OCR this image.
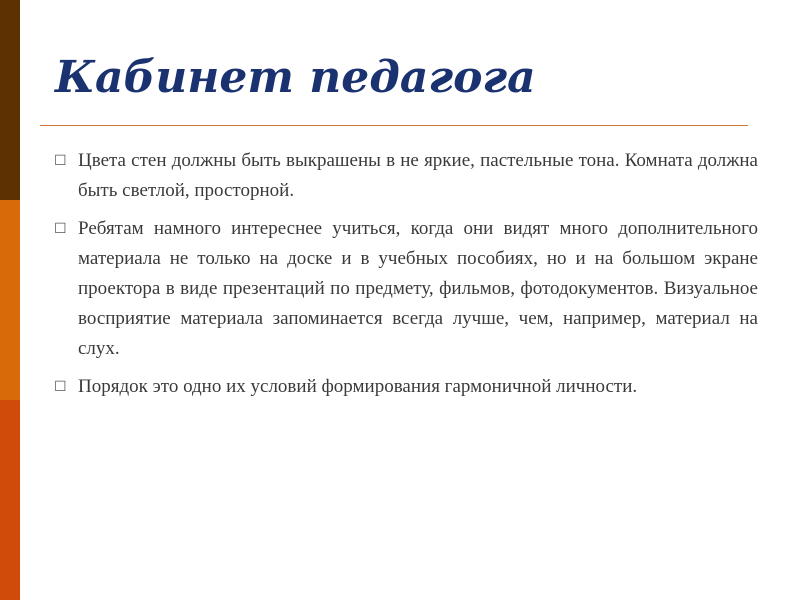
Кабинет педагога
☐ Цвета стен должны быть выкрашены в не яркие, пастельные тона. Комната должна быть светлой, просторной.
☐ Ребятам намного интереснее учиться, когда они видят много дополнительного материала не только на доске и в учебных пособиях, но и на большом экране проектора в виде презентаций по предмету, фильмов, фотодокументов. Визуальное восприятие материала запоминается всегда лучше, чем, например, материал на слух.
☐ Порядок это одно их условий формирования гармоничной личности.
